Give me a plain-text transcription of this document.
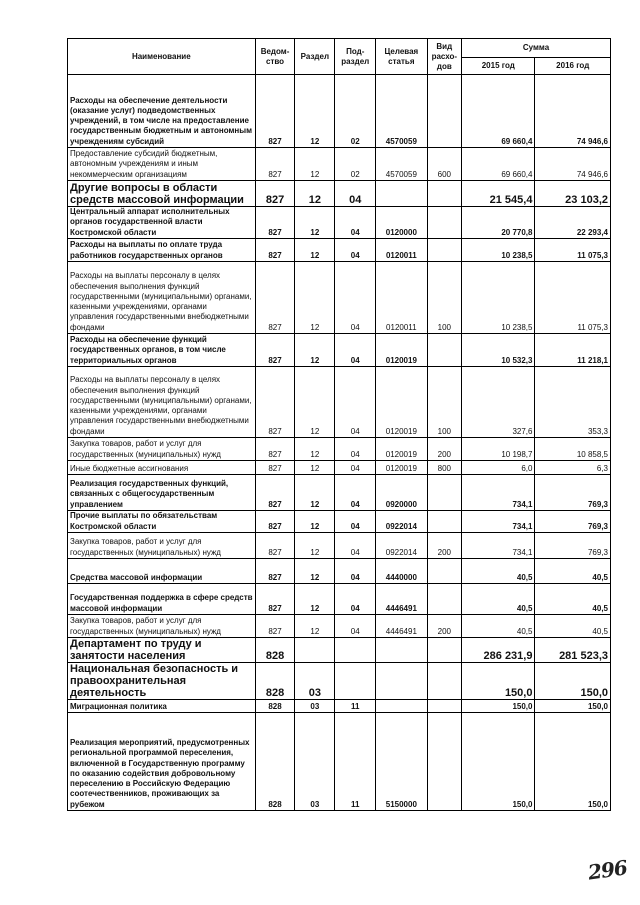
Наименование	Ведом-ство	Раздел	Под-раздел	Целевая статья	Вид расхо-дов	Сумма	
						2015 год	2016 год
Расходы на обеспечение деятельности (оказание услуг) подведомственных учреждений, в том числе на предоставление государственным бюджетным и автономным учреждениям субсидий	827	12	02	4570059		69 660,4	74 946,6
Предоставление субсидий бюджетным, автономным учреждениям и иным некоммерческим организациям	827	12	02	4570059	600	69 660,4	74 946,6
Другие вопросы в области средств массовой информации	827	12	04			21 545,4	23 103,2
Центральный аппарат исполнительных органов государственной власти Костромской области	827	12	04	0120000		20 770,8	22 293,4
Расходы на выплаты по оплате труда работников государственных органов	827	12	04	0120011		10 238,5	11 075,3
Расходы на выплаты персоналу в целях обеспечения выполнения функций государственными (муниципальными) органами, казенными учреждениями, органами управления государственными внебюджетными фондами	827	12	04	0120011	100	10 238,5	11 075,3
Расходы на обеспечение функций государственных органов, в том числе территориальных органов	827	12	04	0120019		10 532,3	11 218,1
Расходы на выплаты персоналу в целях обеспечения выполнения функций государственными (муниципальными) органами, казенными учреждениями, органами управления государственными внебюджетными фондами	827	12	04	0120019	100	327,6	353,3
Закупка товаров, работ и услуг для государственных (муниципальных) нужд	827	12	04	0120019	200	10 198,7	10 858,5
Иные бюджетные ассигнования	827	12	04	0120019	800	6,0	6,3
Реализация государственных функций, связанных с общегосударственным управлением	827	12	04	0920000		734,1	769,3
Прочие выплаты по обязательствам Костромской области	827	12	04	0922014		734,1	769,3
Закупка товаров, работ и услуг для государственных (муниципальных) нужд	827	12	04	0922014	200	734,1	769,3
Средства массовой информации	827	12	04	4440000		40,5	40,5
Государственная поддержка в сфере средств массовой информации	827	12	04	4446491		40,5	40,5
Закупка товаров, работ и услуг для государственных (муниципальных) нужд	827	12	04	4446491	200	40,5	40,5
Департамент по труду и занятости населения	828					286 231,9	281 523,3
Национальная безопасность и правоохранительная деятельность	828	03				150,0	150,0
Миграционная политика	828	03	11			150,0	150,0
Реализация мероприятий, предусмотренных региональной программой переселения, включенной в Государственную программу по оказанию содействия добровольному переселению в Российскую Федерацию соотечественников, проживающих за рубежом	828	03	11	5150000		150,0	150,0
296
